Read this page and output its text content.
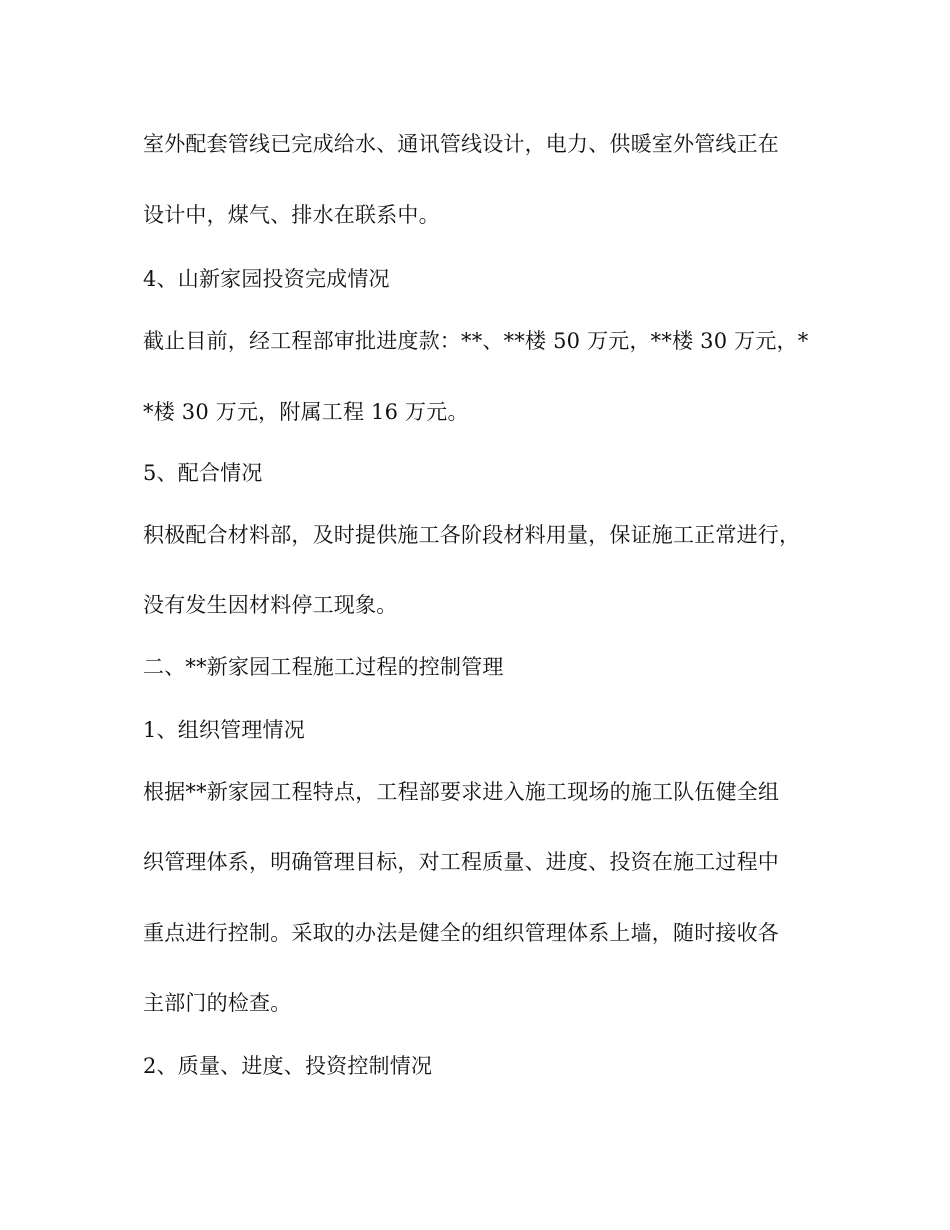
室外配套管线已完成给水、通讯管线设计，电力、供暖室外管线正在
设计中，煤气、排水在联系中。
4、山新家园投资完成情况
截止目前，经工程部审批进度款：**、**楼 50 万元，**楼 30 万元，*
*楼 30 万元，附属工程 16 万元。
5、配合情况
积极配合材料部，及时提供施工各阶段材料用量，保证施工正常进行，
没有发生因材料停工现象。
二、**新家园工程施工过程的控制管理
1、组织管理情况
根据**新家园工程特点，工程部要求进入施工现场的施工队伍健全组
织管理体系，明确管理目标，对工程质量、进度、投资在施工过程中
重点进行控制。采取的办法是健全的组织管理体系上墙，随时接收各
主部门的检查。
2、质量、进度、投资控制情况
